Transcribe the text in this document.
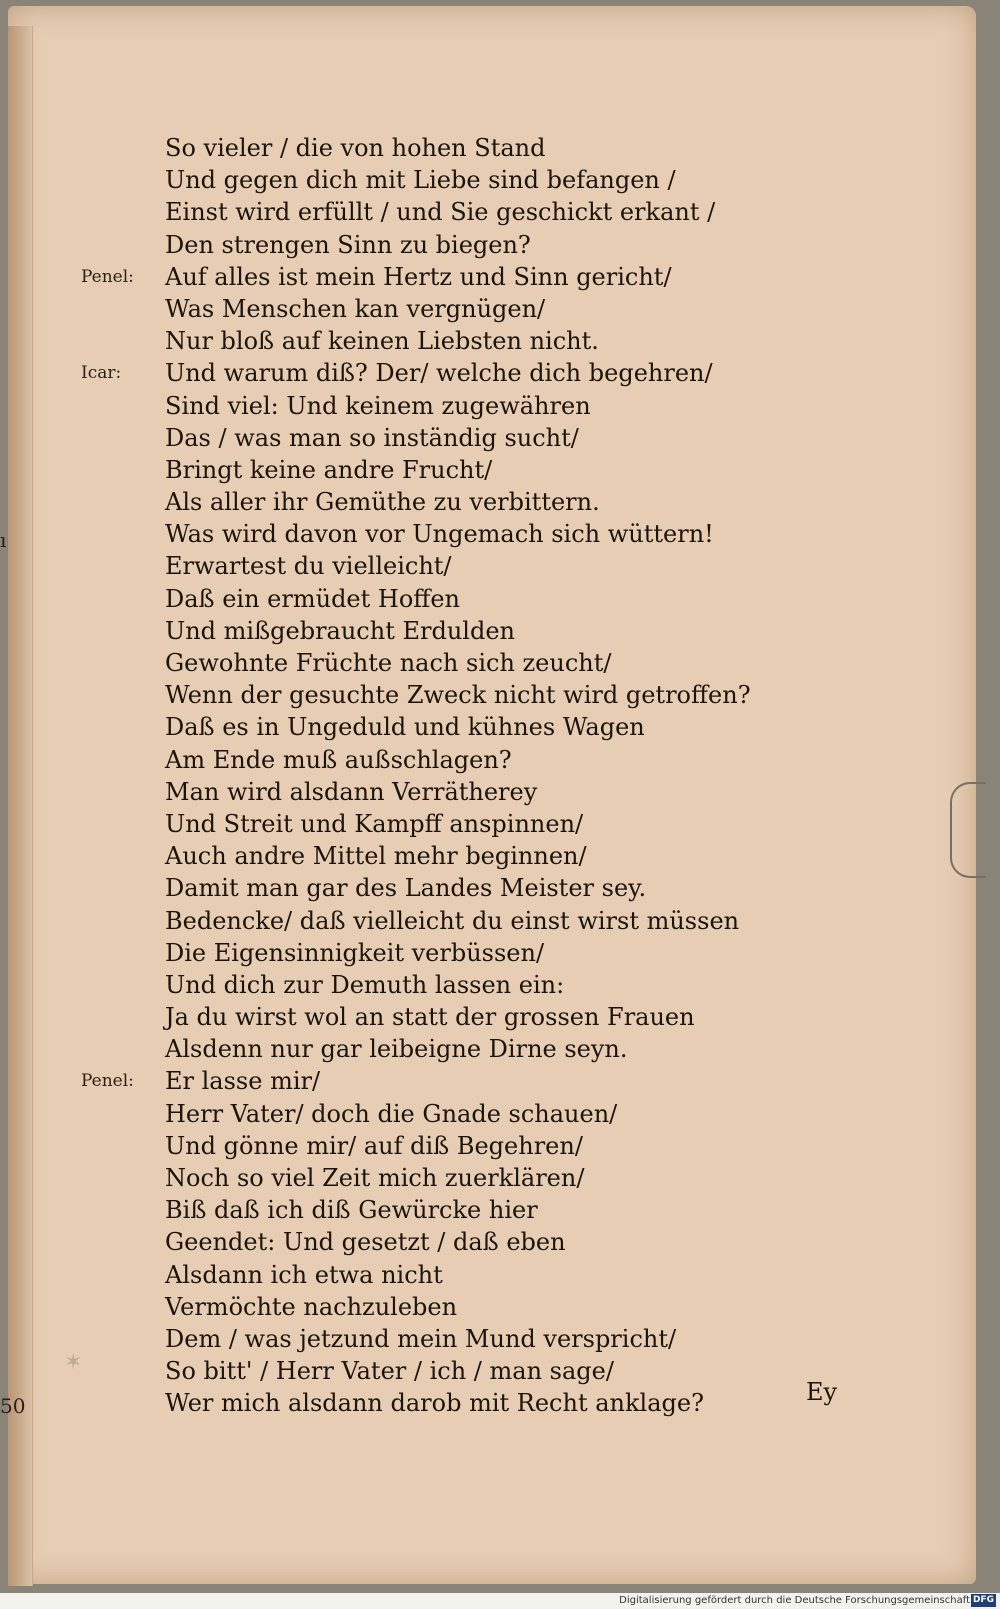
ı
✶
So vieler / die von hohen Stand
Und gegen dich mit Liebe sind befangen /
Einst wird erfüllt / und Sie geschickt erkant /
Den strengen Sinn zu biegen?
Penel:	Auf alles ist mein Hertz und Sinn gericht/
Was Menschen kan vergnügen/
Nur bloß auf keinen Liebsten nicht.
Icar:	Und warum diß? Der/ welche dich begehren/
Sind viel: Und keinem zugewähren
Das / was man so inständig sucht/
Bringt keine andre Frucht/
Als aller ihr Gemüthe zu verbittern.
Was wird davon vor Ungemach sich wüttern!
Erwartest du vielleicht/
Daß ein ermüdet Hoffen
Und mißgebraucht Erdulden
Gewohnte Früchte nach sich zeucht/
Wenn der gesuchte Zweck nicht wird getroffen?
Daß es in Ungeduld und kühnes Wagen
Am Ende muß außschlagen?
Man wird alsdann Verrätherey
Und Streit und Kampff anspinnen/
Auch andre Mittel mehr beginnen/
Damit man gar des Landes Meister sey.
Bedencke/ daß vielleicht du einst wirst müssen
Die Eigensinnigkeit verbüssen/
Und dich zur Demuth lassen ein:
Ja du wirst wol an statt der grossen Frauen
Alsdenn nur gar leibeigne Dirne seyn.
Penel:	Er lasse mir/
Herr Vater/ doch die Gnade schauen/
Und gönne mir/ auf diß Begehren/
Noch so viel Zeit mich zuerklären/
Biß daß ich diß Gewürcke hier
Geendet: Und gesetzt / daß eben
Alsdann ich etwa nicht
Vermöchte nachzuleben
Dem / was jetzund mein Mund verspricht/
So bitt' / Herr Vater / ich / man sage/
Wer mich alsdann darob mit Recht anklage?	Ey
50
Digitalisierung gefördert durch die Deutsche Forschungsgemeinschaft DFG
